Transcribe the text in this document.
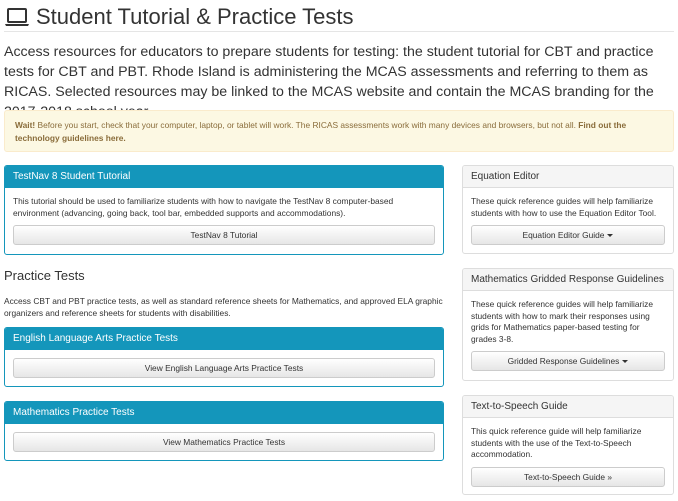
Student Tutorial & Practice Tests

Access resources for educators to prepare students for testing: the student tutorial for CBT and practice tests for CBT and PBT. Rhode Island is administering the MCAS assessments and referring to them as RICAS. Selected resources may be linked to the MCAS website and contain the MCAS branding for the

Wait! Before you start, check that your computer, laptop, or tablet will work. The RICAS assessments work with many devices and browsers, but not all. Find out the technology guidelines here.
TestNav 8 Student Tutorial
This tutorial should be used to familiarize students with how to navigate the TestNav 8 computer-based environment (advancing, going back, tool bar, embedded supports and accommodations).
TestNav 8 Tutorial
Practice Tests
Access CBT and PBT practice tests, as well as standard reference sheets for Mathematics, and approved ELA graphic organizers and reference sheets for students with disabilities.
English Language Arts Practice Tests
View English Language Arts Practice Tests
Mathematics Practice Tests
View Mathematics Practice Tests
Equation Editor
These quick reference guides will help familiarize students with how to use the Equation Editor Tool.
Equation Editor Guide
Mathematics Gridded Response Guidelines
These quick reference guides will help familiarize students with how to mark their responses using grids for Mathematics paper-based testing for grades 3-8.
Gridded Response Guidelines
Text-to-Speech Guide
This quick reference guide will help familiarize students with the use of the Text-to-Speech accommodation.
Text-to-Speech Guide »
